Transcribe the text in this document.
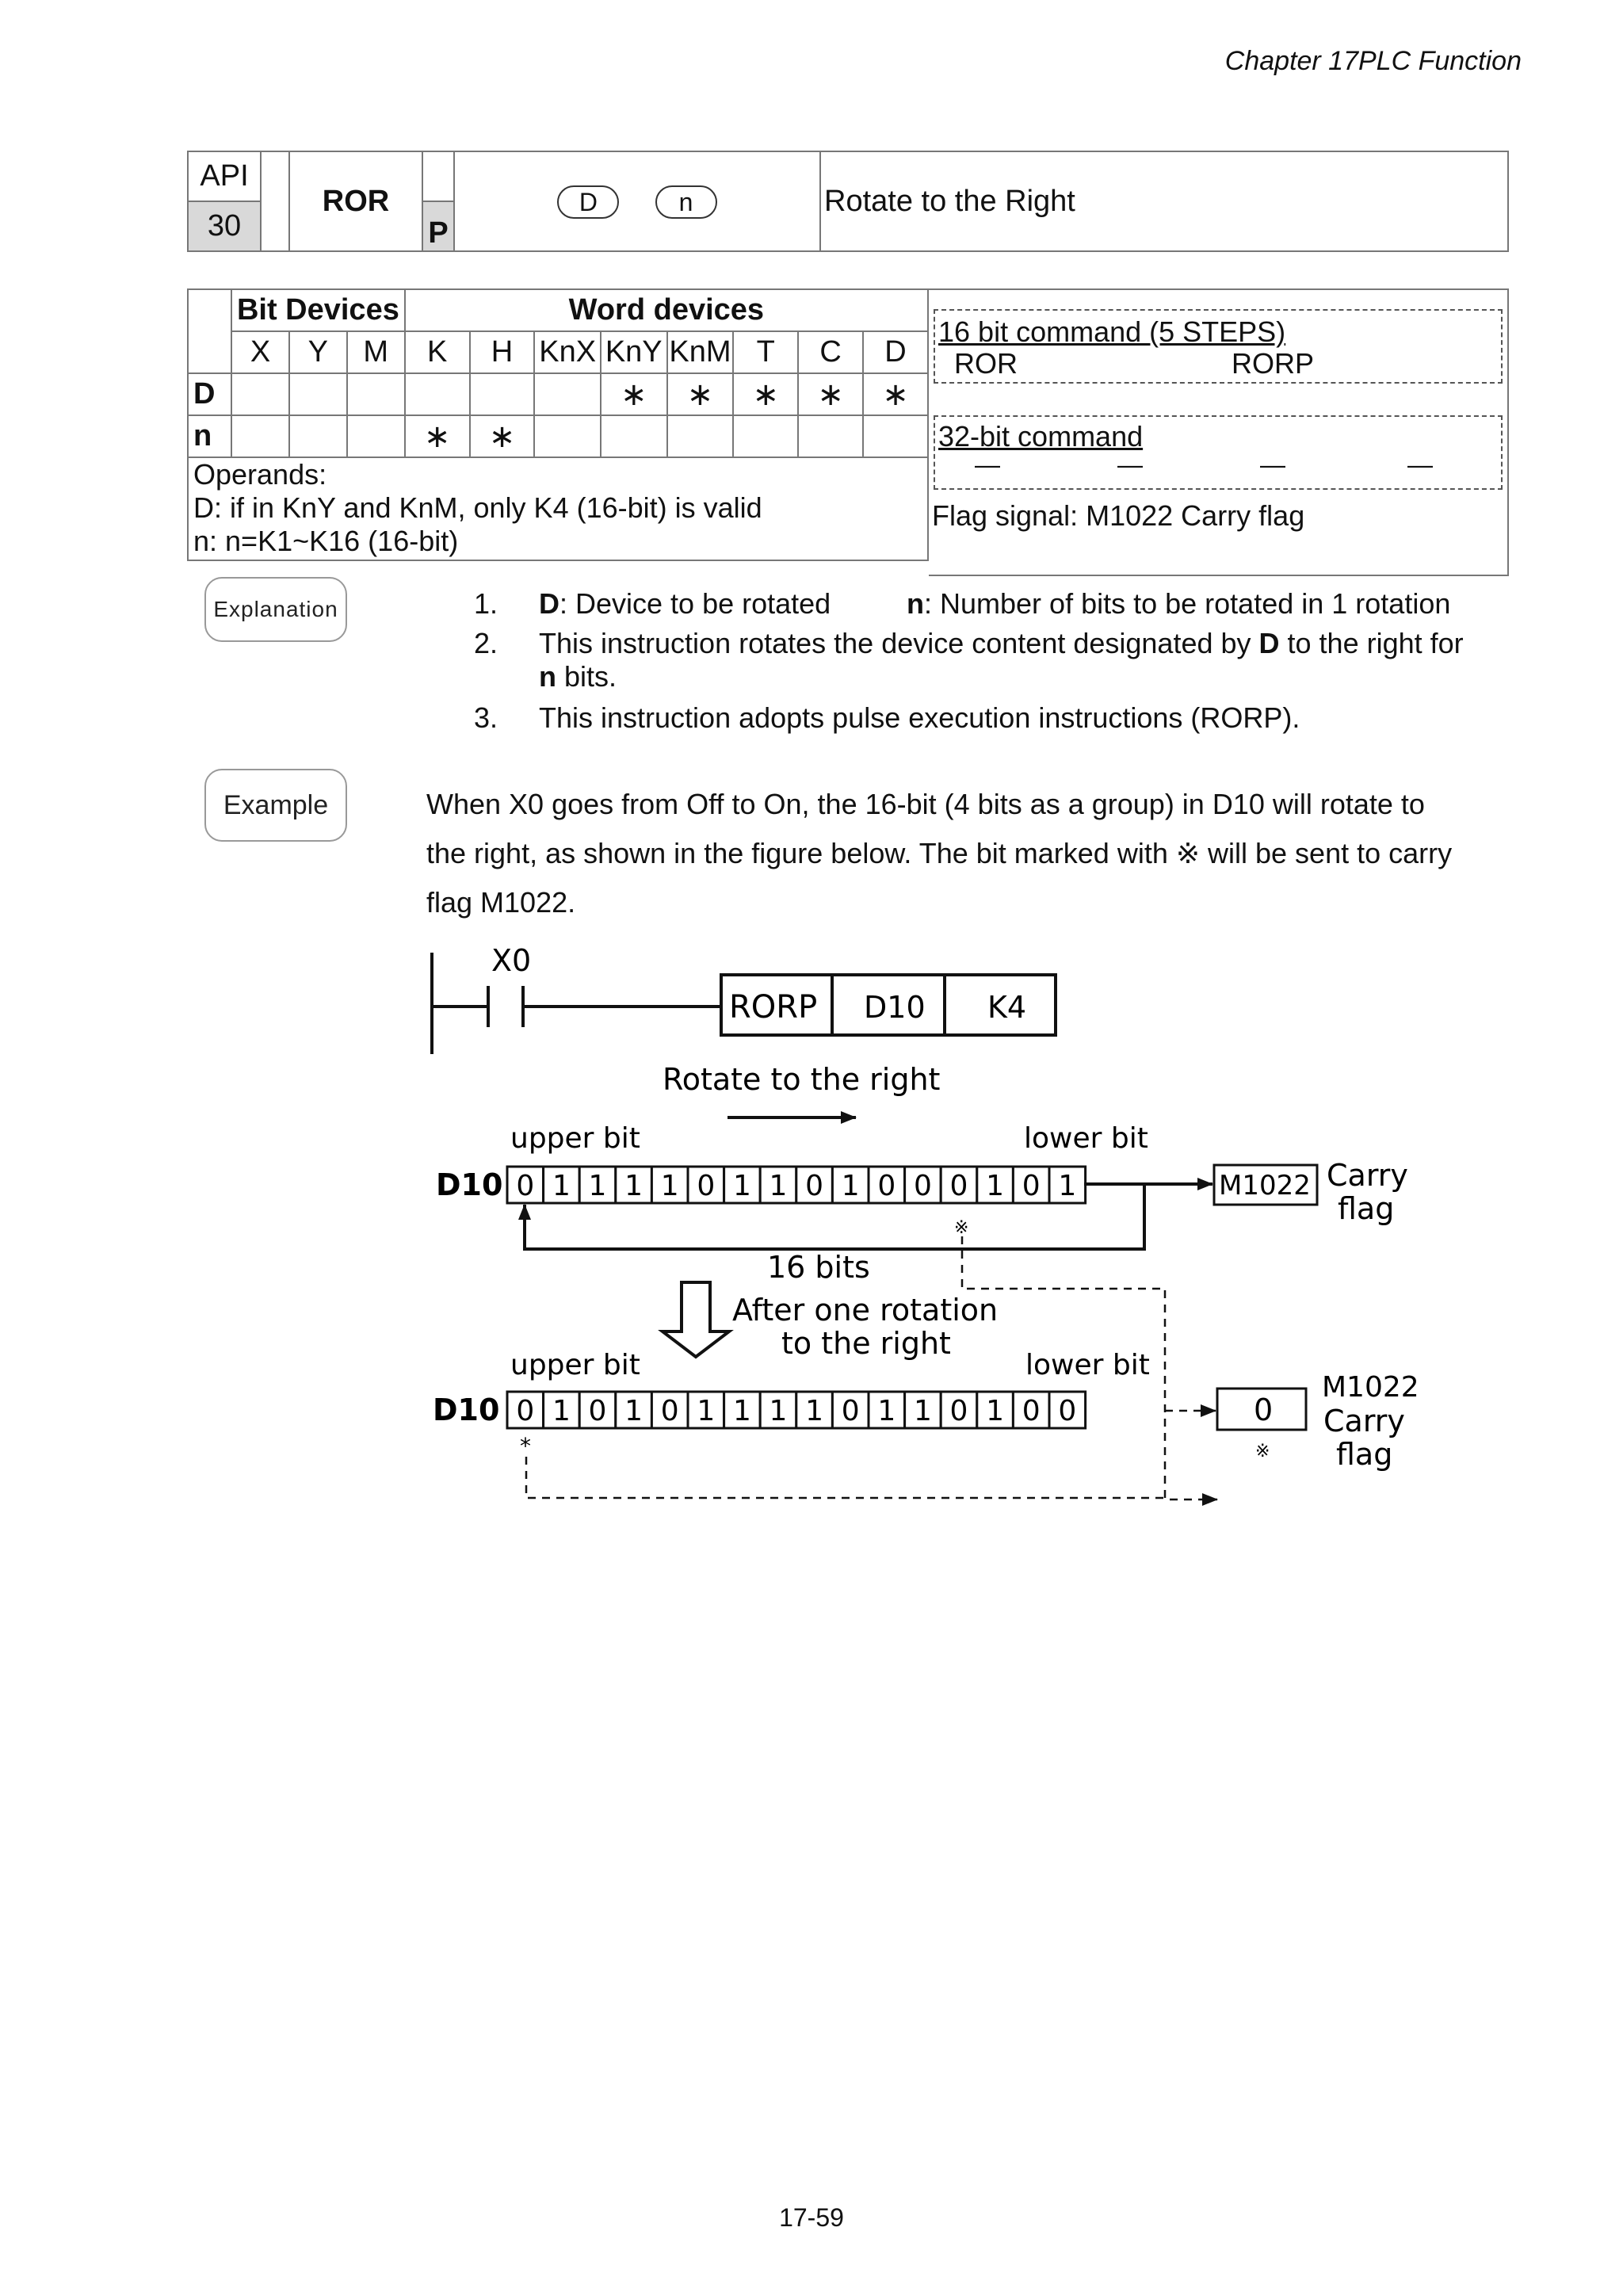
Chapter 17PLC Function
API		ROR		D n	Rotate to the Right
30			P		
	Bit Devices			Word devices							
	X	Y	M	K	H	KnX	KnY	KnM	T	C	D
D							∗	∗	∗	∗	∗
n				∗	∗						

Operands:
D: if in KnY and KnM, only K4 (16-bit) is valid
n: n=K1~K16 (16-bit)											
16 bit command (5 STEPS)
ROR	RORP
32-bit command
—	—	—	—
Flag signal: M1022 Carry flag
Explanation	1. D: Device to be rotated	n: Number of bits to be rotated in 1 rotation
2. This instruction rotates the device content designated by D to the right for
n bits.
3. This instruction adopts pulse execution instructions (RORP).
Example	When X0 goes from Off to On, the 16-bit (4 bits as a group) in D10 will rotate to
the right, as shown in the figure below. The bit marked with ※ will be sent to carry
flag M1022.
X0
RORP D10 K4
Rotate to the right
upper bit	lower bit
D10 0 1 1 1 1 0 1 1 0 1 0 0 0 1 0 1	M1022 Carry
flag
16 bits
※
After one rotation
to the right
upper bit	lower bit
D10 0 1 0 1 0 1 1 1 1 0 1 1 0 1 0 0
*
0
※
M1022
Carry
flag
17-59
